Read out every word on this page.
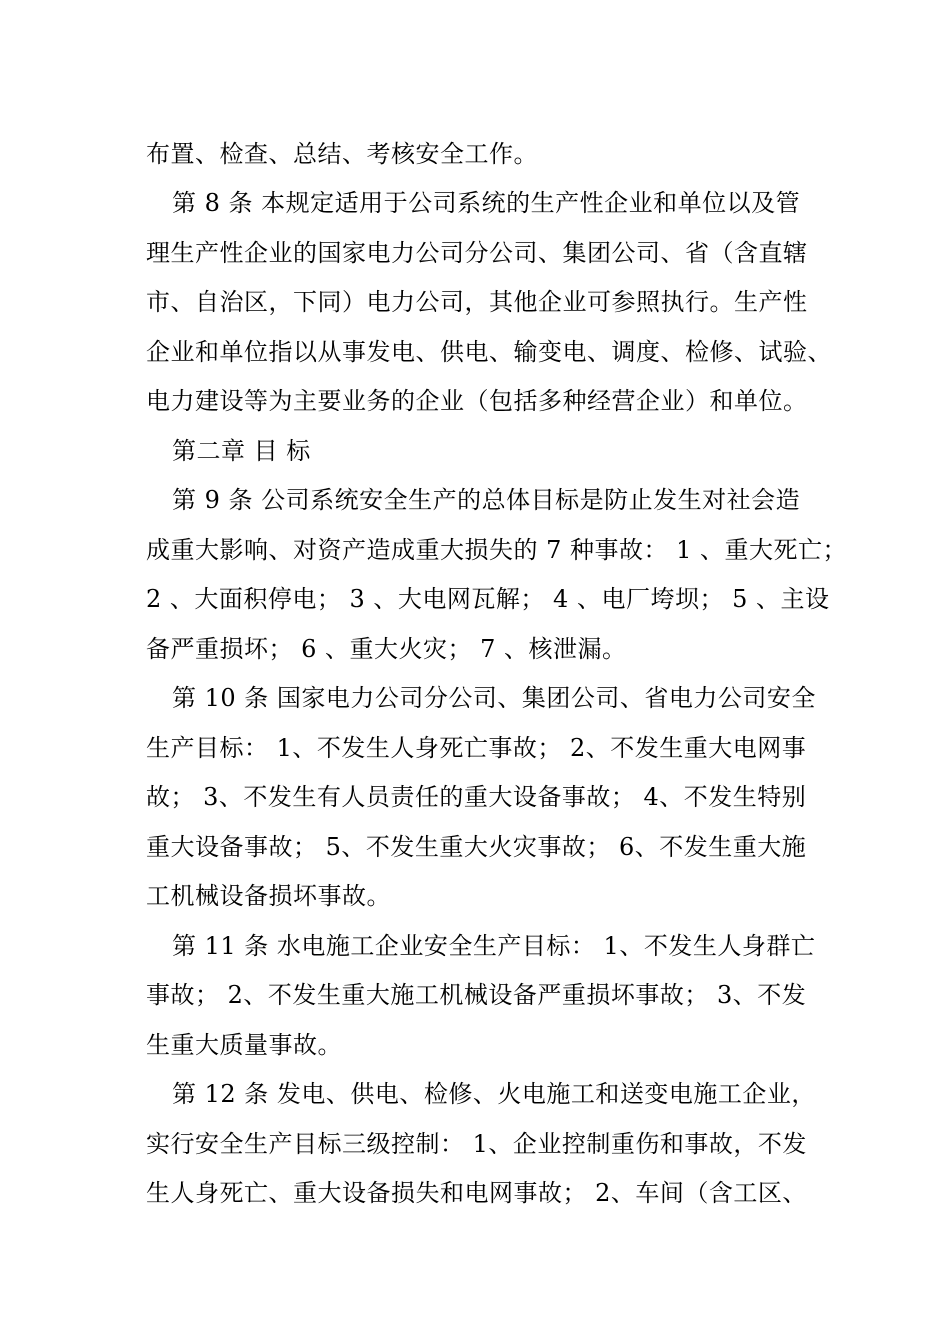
布置、检查、总结、考核安全工作。
第 8 条 本规定适用于公司系统的生产性企业和单位以及管
理生产性企业的国家电力公司分公司、集团公司、省（含直辖
市、自治区，下同）电力公司，其他企业可参照执行。生产性
企业和单位指以从事发电、供电、输变电、调度、检修、试验、
电力建设等为主要业务的企业（包括多种经营企业）和单位。
第二章 目 标
第 9 条 公司系统安全生产的总体目标是防止发生对社会造
成重大影响、对资产造成重大损失的 7 种事故： 1 、重大死亡；
2 、大面积停电； 3 、大电网瓦解； 4 、电厂垮坝； 5 、主设
备严重损坏； 6 、重大火灾； 7 、核泄漏。
第 10 条 国家电力公司分公司、集团公司、省电力公司安全
生产目标： 1、不发生人身死亡事故； 2、不发生重大电网事
故； 3、不发生有人员责任的重大设备事故； 4、不发生特别
重大设备事故； 5、不发生重大火灾事故； 6、不发生重大施
工机械设备损坏事故。
第 11 条 水电施工企业安全生产目标： 1、不发生人身群亡
事故； 2、不发生重大施工机械设备严重损坏事故； 3、不发
生重大质量事故。
第 12 条 发电、供电、检修、火电施工和送变电施工企业，
实行安全生产目标三级控制： 1、企业控制重伤和事故，不发
生人身死亡、重大设备损失和电网事故； 2、车间（含工区、
